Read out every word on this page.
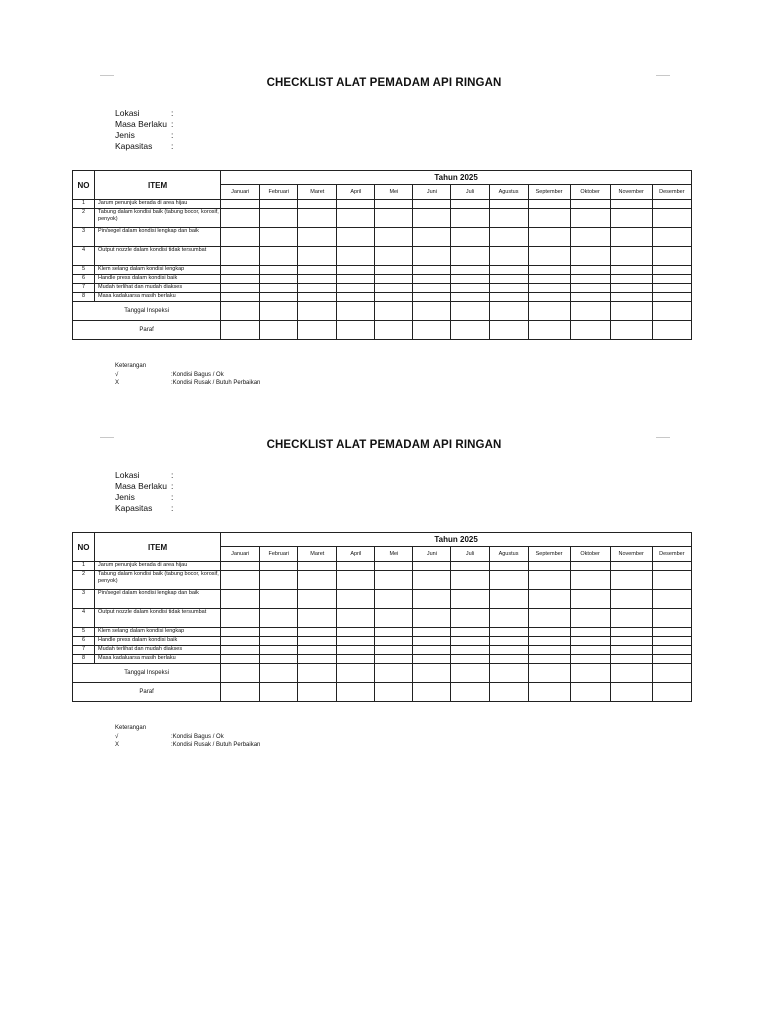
CHECKLIST ALAT PEMADAM API RINGAN
Lokasi	:
Masa Berlaku :
Jenis	:
Kapasitas	:
NO	ITEM	Tahun 2025											
		Januari	Februari	Maret	April	Mei	Juni	Juli	Agustus	September	Oktober	November	Desember
1	Jarum penunjuk berada di area hijau												
2	Tabung dalam kondisi baik (tabung bocor, korosif, penyok)												
3	Pin/segel dalam kondisi lengkap dan baik												
4	Output nozzle dalam kondisi tidak tersumbat												
5	Klem selang dalam kondisi lengkap												
6	Handle press dalam kondisi baik												
7	Mudah terlihat dan mudah diakses												
8	Masa kadaluarsa masih berlaku												
Tanggal Inspeksi													
Paraf													
Keterangan
√	:Kondisi Bagus / Ok
X	:Kondisi Rusak / Butuh Perbaikan
CHECKLIST ALAT PEMADAM API RINGAN
Lokasi	:
Masa Berlaku :
Jenis	:
Kapasitas	:
NO	ITEM	Tahun 2025											
		Januari	Februari	Maret	April	Mei	Juni	Juli	Agustus	September	Oktober	November	Desember
1	Jarum penunjuk berada di area hijau												
2	Tabung dalam kondisi baik (tabung bocor, korosif, penyok)												
3	Pin/segel dalam kondisi lengkap dan baik												
4	Output nozzle dalam kondisi tidak tersumbat												
5	Klem selang dalam kondisi lengkap												
6	Handle press dalam kondisi baik												
7	Mudah terlihat dan mudah diakses												
8	Masa kadaluarsa masih berlaku												
Tanggal Inspeksi													
Paraf													
Keterangan
√	:Kondisi Bagus / Ok
X	:Kondisi Rusak / Butuh Perbaikan
